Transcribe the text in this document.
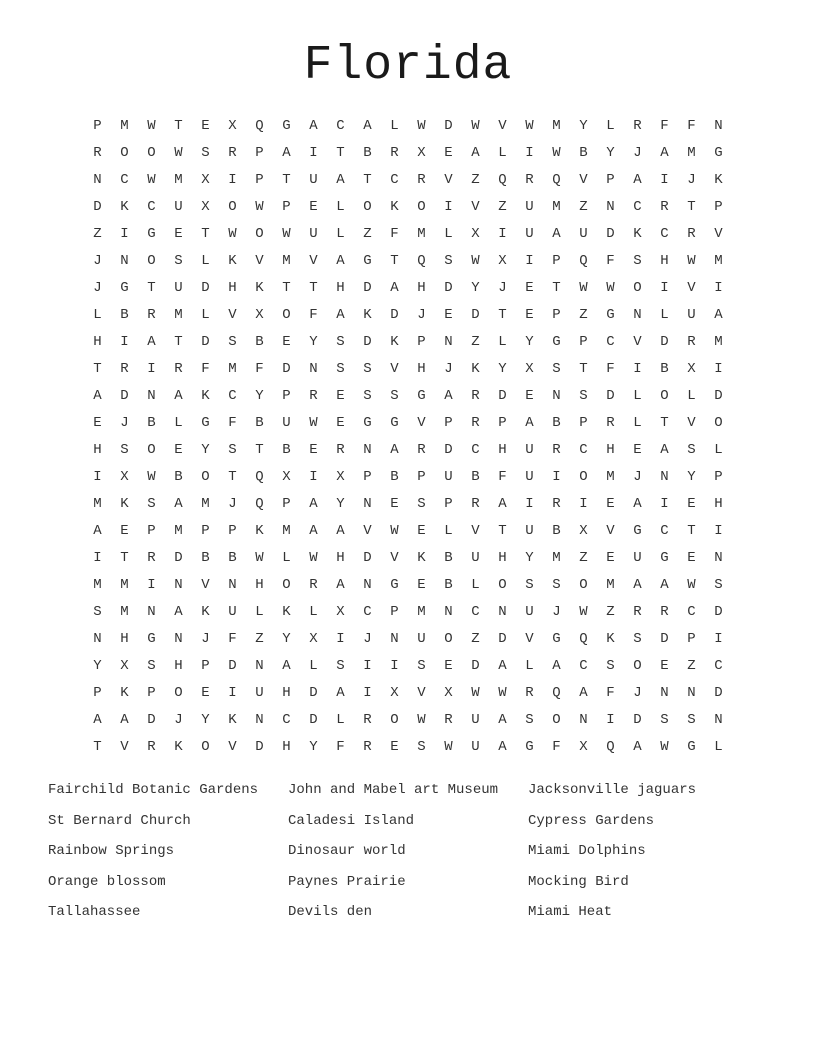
Florida
P	M	W	T	E	X	Q	G	A	C	A	L	W	D	W	V	W	M	Y	L	R	F	F	N
R	O	O	W	S	R	P	A	I	T	B	R	X	E	A	L	I	W	B	Y	J	A	M	G
N	C	W	M	X	I	P	T	U	A	T	C	R	V	Z	Q	R	Q	V	P	A	I	J	K
D	K	C	U	X	O	W	P	E	L	O	K	O	I	V	Z	U	M	Z	N	C	R	T	P
Z	I	G	E	T	W	O	W	U	L	Z	F	M	L	X	I	U	A	U	D	K	C	R	V
J	N	O	S	L	K	V	M	V	A	G	T	Q	S	W	X	I	P	Q	F	S	H	W	M
J	G	T	U	D	H	K	T	T	H	D	A	H	D	Y	J	E	T	W	W	O	I	V	I
L	B	R	M	L	V	X	O	F	A	K	D	J	E	D	T	E	P	Z	G	N	L	U	A
H	I	A	T	D	S	B	E	Y	S	D	K	P	N	Z	L	Y	G	P	C	V	D	R	M
T	R	I	R	F	M	F	D	N	S	S	V	H	J	K	Y	X	S	T	F	I	B	X	I
A	D	N	A	K	C	Y	P	R	E	S	S	G	A	R	D	E	N	S	D	L	O	L	D
E	J	B	L	G	F	B	U	W	E	G	G	V	P	R	P	A	B	P	R	L	T	V	O
H	S	O	E	Y	S	T	B	E	R	N	A	R	D	C	H	U	R	C	H	E	A	S	L
I	X	W	B	O	T	Q	X	I	X	P	B	P	U	B	F	U	I	O	M	J	N	Y	P
M	K	S	A	M	J	Q	P	A	Y	N	E	S	P	R	A	I	R	I	E	A	I	E	H
A	E	P	M	P	P	K	M	A	A	V	W	E	L	V	T	U	B	X	V	G	C	T	I
I	T	R	D	B	B	W	L	W	H	D	V	K	B	U	H	Y	M	Z	E	U	G	E	N
M	M	I	N	V	N	H	O	R	A	N	G	E	B	L	O	S	S	O	M	A	A	W	S
S	M	N	A	K	U	L	K	L	X	C	P	M	N	C	N	U	J	W	Z	R	R	C	D
N	H	G	N	J	F	Z	Y	X	I	J	N	U	O	Z	D	V	G	Q	K	S	D	P	I
Y	X	S	H	P	D	N	A	L	S	I	I	S	E	D	A	L	A	C	S	O	E	Z	C
P	K	P	O	E	I	U	H	D	A	I	X	V	X	W	W	R	Q	A	F	J	N	N	D
A	A	D	J	Y	K	N	C	D	L	R	O	W	R	U	A	S	O	N	I	D	S	S	N
T	V	R	K	O	V	D	H	Y	F	R	E	S	W	U	A	G	F	X	Q	A	W	G	L
Fairchild Botanic Gardens	John and Mabel art Museum	Jacksonville jaguars
St Bernard Church	Caladesi Island	Cypress Gardens
Rainbow Springs	Dinosaur world	Miami Dolphins
Orange blossom	Paynes Prairie	Mocking Bird
Tallahassee	Devils den	Miami Heat
